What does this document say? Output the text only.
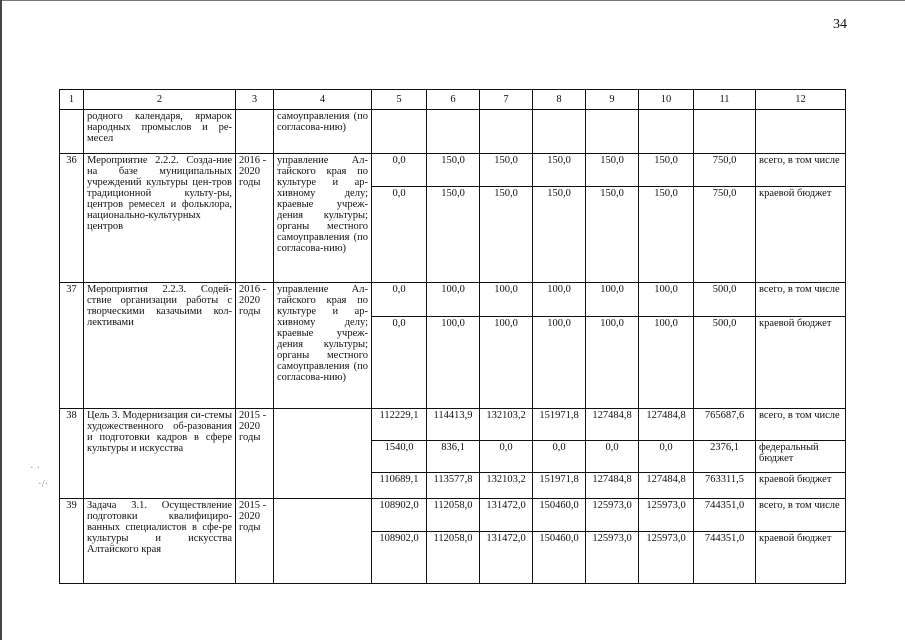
· ·
·/·
34
1	2	3	4	5	6	7	8	9	10	11	12
	родного календаря, ярмарок народных промыслов и ре-месел		самоуправления (по согласова-нию)								
36	Мероприятие 2.2.2. Созда-ние на базе муниципальных учреждений культуры цен-тров традиционной культу-ры, центров ремесел и фольклора, национально-культурных центров	2016 - 2020 годы	управление Ал-тайского края по культуре и ар-хивному делу; краевые учреж-дения культуры; органы местного самоуправления (по согласова-нию)	0,0	150,0	150,0	150,0	150,0	150,0	750,0	всего, в том числе
				0,0	150,0	150,0	150,0	150,0	150,0	750,0	краевой бюджет
37	Мероприятия 2.2.3. Содей-ствие организации работы с творческими казачьими кол-лективами	2016 - 2020 годы	управление Ал-тайского края по культуре и ар-хивному делу; краевые учреж-дения культуры; органы местного самоуправления (по согласова-нию)	0,0	100,0	100,0	100,0	100,0	100,0	500,0	всего, в том числе
				0,0	100,0	100,0	100,0	100,0	100,0	500,0	краевой бюджет
38	Цель 3. Модернизация си-стемы художественного об-разования и подготовки кадров в сфере культуры и искусства	2015 - 2020 годы		112229,1	114413,9	132103,2	151971,8	127484,8	127484,8	765687,6	всего, в том числе
				1540,0	836,1	0,0	0,0	0,0	0,0	2376,1	федеральный бюджет
				110689,1	113577,8	132103,2	151971,8	127484,8	127484,8	763311,5	краевой бюджет
39	Задача 3.1. Осуществление подготовки квалифициро-ванных специалистов в сфе-ре культуры и искусства Алтайского края	2015 - 2020 годы		108902,0	112058,0	131472,0	150460,0	125973,0	125973,0	744351,0	всего, в том числе
				108902,0	112058,0	131472,0	150460,0	125973,0	125973,0	744351,0	краевой бюджет
